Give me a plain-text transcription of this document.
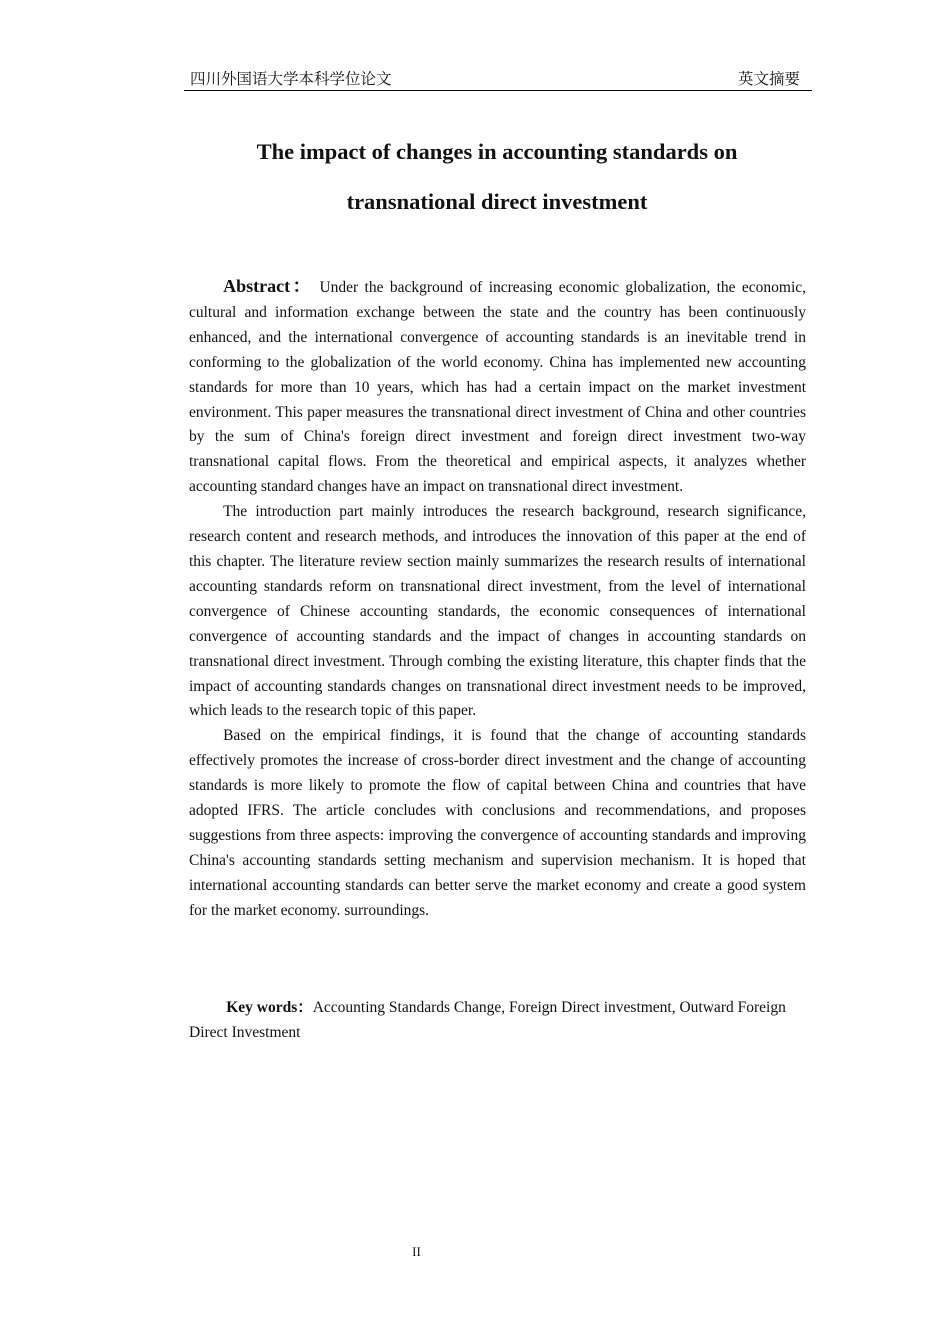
四川外国语大学本科学位论文	英文摘要
The impact of changes in accounting standards on
transnational direct investment

Abstract： Under the background of increasing economic globalization, the economic, cultural and information exchange between the state and the country has been continuously enhanced, and the international convergence of accounting standards is an inevitable trend in conforming to the globalization of the world economy. China has implemented new accounting standards for more than 10 years, which has had a certain impact on the market investment environment. This paper measures the transnational direct investment of China and other countries by the sum of China's foreign direct investment and foreign direct investment two-way transnational capital flows. From the theoretical and empirical aspects, it analyzes whether accounting standard changes have an impact on transnational direct investment.

The introduction part mainly introduces the research background, research significance, research content and research methods, and introduces the innovation of this paper at the end of this chapter. The literature review section mainly summarizes the research results of international accounting standards reform on transnational direct investment, from the level of international convergence of Chinese accounting standards, the economic consequences of international convergence of accounting standards and the impact of changes in accounting standards on transnational direct investment. Through combing the existing literature, this chapter finds that the impact of accounting standards changes on transnational direct investment needs to be improved, which leads to the research topic of this paper.

Based on the empirical findings, it is found that the change of accounting standards effectively promotes the increase of cross-border direct investment and the change of accounting standards is more likely to promote the flow of capital between China and countries that have adopted IFRS. The article concludes with conclusions and recommendations, and proposes suggestions from three aspects: improving the convergence of accounting standards and improving China's accounting standards setting mechanism and supervision mechanism. It is hoped that international accounting standards can better serve the market economy and create a good system for the market economy. surroundings.

Key words：Accounting Standards Change, Foreign Direct investment, Outward Foreign Direct Investment

II
